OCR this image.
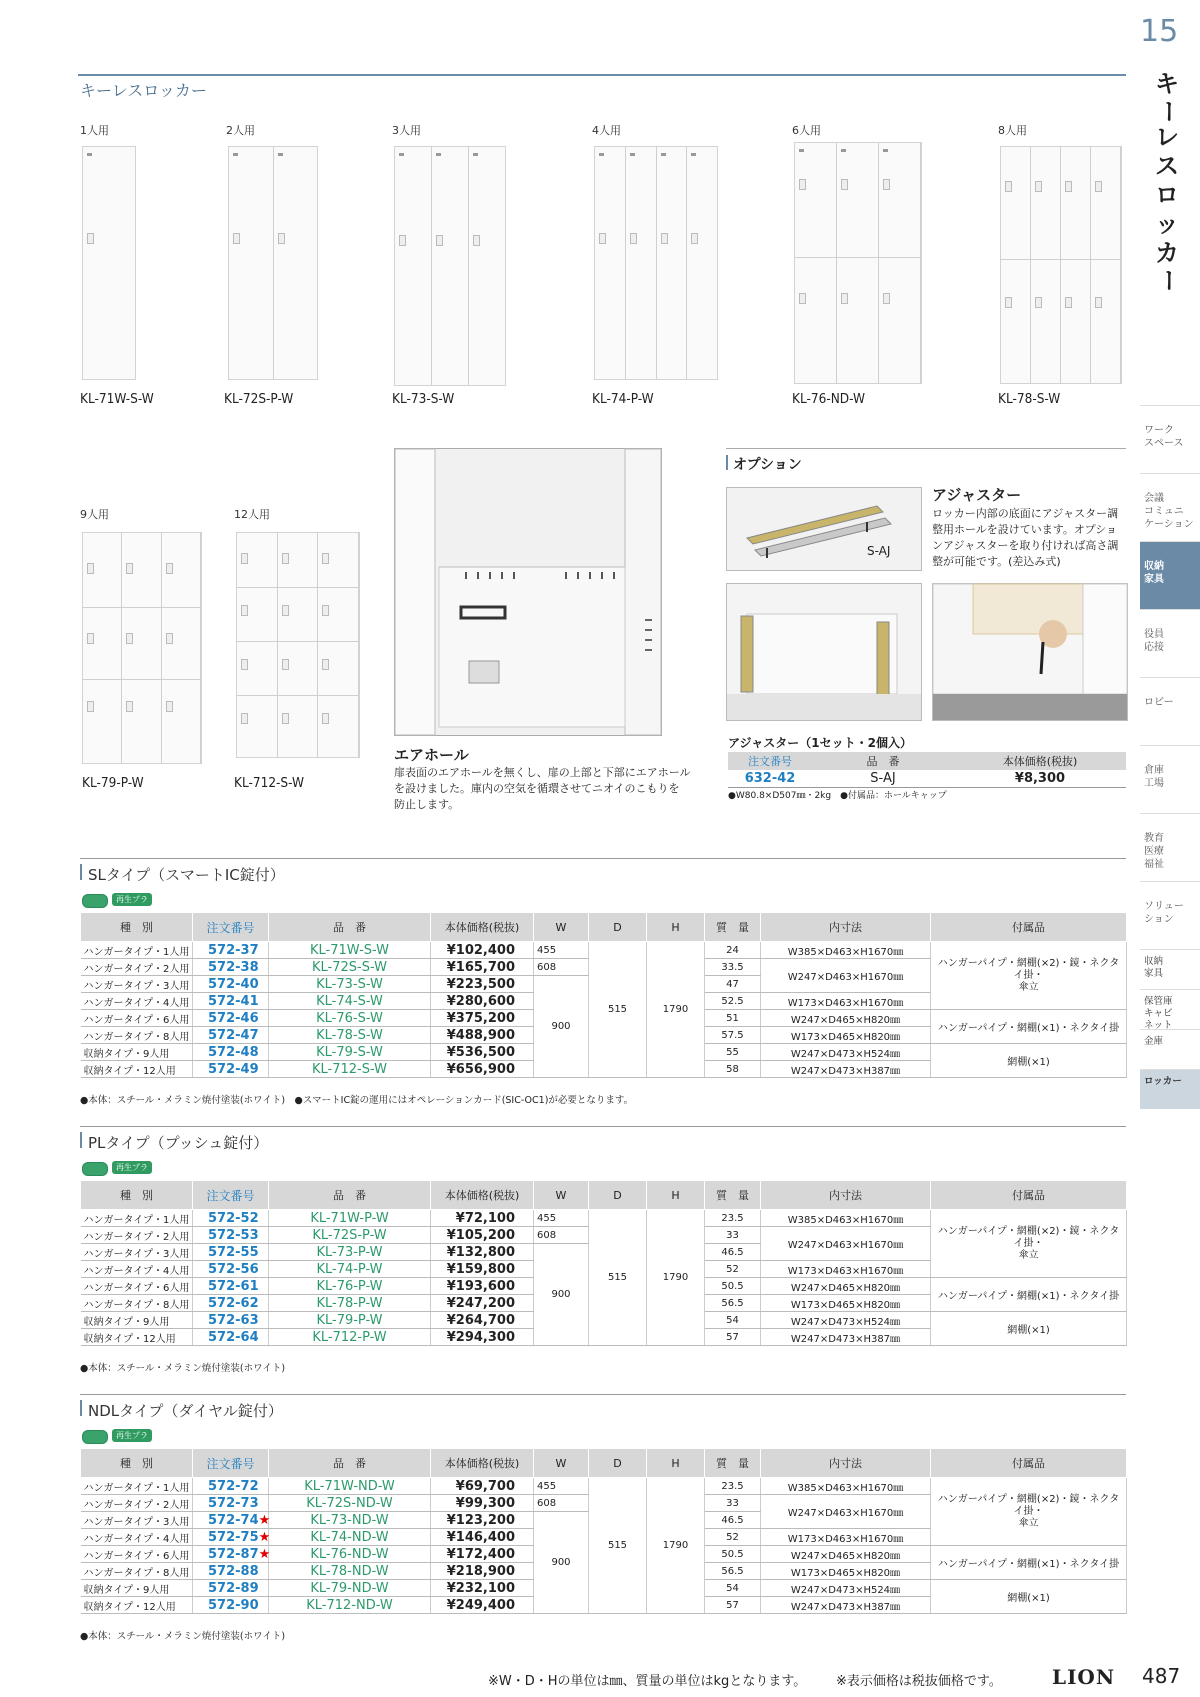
15
キ
ー
レ
ス
ロ
ッ
カ
ー
キーレスロッカー
1人用	2人用	3人用	4人用	6人用	8人用
KL-71W-S-W	KL-72S-P-W	KL-73-S-W	KL-74-P-W	KL-76-ND-W	KL-78-S-W
9人用	12人用
KL-79-P-W	KL-712-S-W
エアホール
扉表面のエアホールを無くし、扉の上部と下部にエアホール
を設けました。庫内の空気を循環させてニオイのこもりを
防止します。
オプション
S-AJ
アジャスター
ロッカー内部の底面にアジャスター調
整用ホールを設けています。オプショ
ンアジャスターを取り付ければ高さ調
整が可能です。(差込み式)
アジャスター（1セット・2個入）
注文番号	品　番	本体価格(税抜)
632-42	S-AJ	¥8,300
●W80.8×D507㎜・2kg　●付属品：ホールキャップ
ワーク
スペース
会議
コミュニ
ケーション
収納
家具
役員
応接
ロビー
倉庫
工場
教育
医療
福祉
ソリュー
ション
収納
家具
保管庫
キャビ
ネット
金庫
ロッカー
SLタイプ（スマートIC錠付）
再生プラ
種　別	注文番号	品　番	本体価格(税抜)	W	D	H	質　量	内寸法	付属品
ハンガータイプ・1人用	572-37	KL-71W-S-W	¥102,400	455	515	1790	24	W385×D463×H1670㎜	ハンガーパイプ・網棚(×2)・鏡・ネクタイ掛・
傘立

ハンガータイプ・2人用	572-38	KL-72S-S-W	¥165,700	608			33.5	W247×D463×H1670㎜	
ハンガータイプ・3人用	572-40	KL-73-S-W	¥223,500	900			47		
ハンガータイプ・4人用	572-41	KL-74-S-W	¥280,600				52.5	W173×D463×H1670㎜	
ハンガータイプ・6人用	572-46	KL-76-S-W	¥375,200				51	W247×D465×H820㎜	ハンガーパイプ・網棚(×1)・ネクタイ掛
ハンガータイプ・8人用	572-47	KL-78-S-W	¥488,900				57.5	W173×D465×H820㎜	
収納タイプ・9人用	572-48	KL-79-S-W	¥536,500				55	W247×D473×H524㎜	網棚(×1)
収納タイプ・12人用	572-49	KL-712-S-W	¥656,900				58	W247×D473×H387㎜	
●本体：スチール・メラミン焼付塗装(ホワイト)　●スマートIC錠の運用にはオペレーションカード(SIC-OC1)が必要となります。
PLタイプ（プッシュ錠付）
再生プラ
種　別	注文番号	品　番	本体価格(税抜)	W	D	H	質　量	内寸法	付属品
ハンガータイプ・1人用	572-52	KL-71W-P-W	¥72,100	455	515	1790	23.5	W385×D463×H1670㎜	ハンガーパイプ・網棚(×2)・鏡・ネクタイ掛・
傘立

ハンガータイプ・2人用	572-53	KL-72S-P-W	¥105,200	608			33	W247×D463×H1670㎜	
ハンガータイプ・3人用	572-55	KL-73-P-W	¥132,800	900			46.5		
ハンガータイプ・4人用	572-56	KL-74-P-W	¥159,800				52	W173×D463×H1670㎜	
ハンガータイプ・6人用	572-61	KL-76-P-W	¥193,600				50.5	W247×D465×H820㎜	ハンガーパイプ・網棚(×1)・ネクタイ掛
ハンガータイプ・8人用	572-62	KL-78-P-W	¥247,200				56.5	W173×D465×H820㎜	
収納タイプ・9人用	572-63	KL-79-P-W	¥264,700				54	W247×D473×H524㎜	網棚(×1)
収納タイプ・12人用	572-64	KL-712-P-W	¥294,300				57	W247×D473×H387㎜	
●本体：スチール・メラミン焼付塗装(ホワイト)
NDLタイプ（ダイヤル錠付）
再生プラ
種　別	注文番号	品　番	本体価格(税抜)	W	D	H	質　量	内寸法	付属品
ハンガータイプ・1人用	572-72	KL-71W-ND-W	¥69,700	455	515	1790	23.5	W385×D463×H1670㎜	ハンガーパイプ・網棚(×2)・鏡・ネクタイ掛・
傘立

ハンガータイプ・2人用	572-73	KL-72S-ND-W	¥99,300	608			33	W247×D463×H1670㎜	
ハンガータイプ・3人用	572-74★	KL-73-ND-W	¥123,200	900			46.5		
ハンガータイプ・4人用	572-75★	KL-74-ND-W	¥146,400				52	W173×D463×H1670㎜	
ハンガータイプ・6人用	572-87★	KL-76-ND-W	¥172,400				50.5	W247×D465×H820㎜	ハンガーパイプ・網棚(×1)・ネクタイ掛
ハンガータイプ・8人用	572-88	KL-78-ND-W	¥218,900				56.5	W173×D465×H820㎜	
収納タイプ・9人用	572-89	KL-79-ND-W	¥232,100				54	W247×D473×H524㎜	網棚(×1)
収納タイプ・12人用	572-90	KL-712-ND-W	¥249,400				57	W247×D473×H387㎜	
●本体：スチール・メラミン焼付塗装(ホワイト)
※W・D・Hの単位は㎜、質量の単位はkgとなります。 ※表示価格は税抜価格です。	LION 487
